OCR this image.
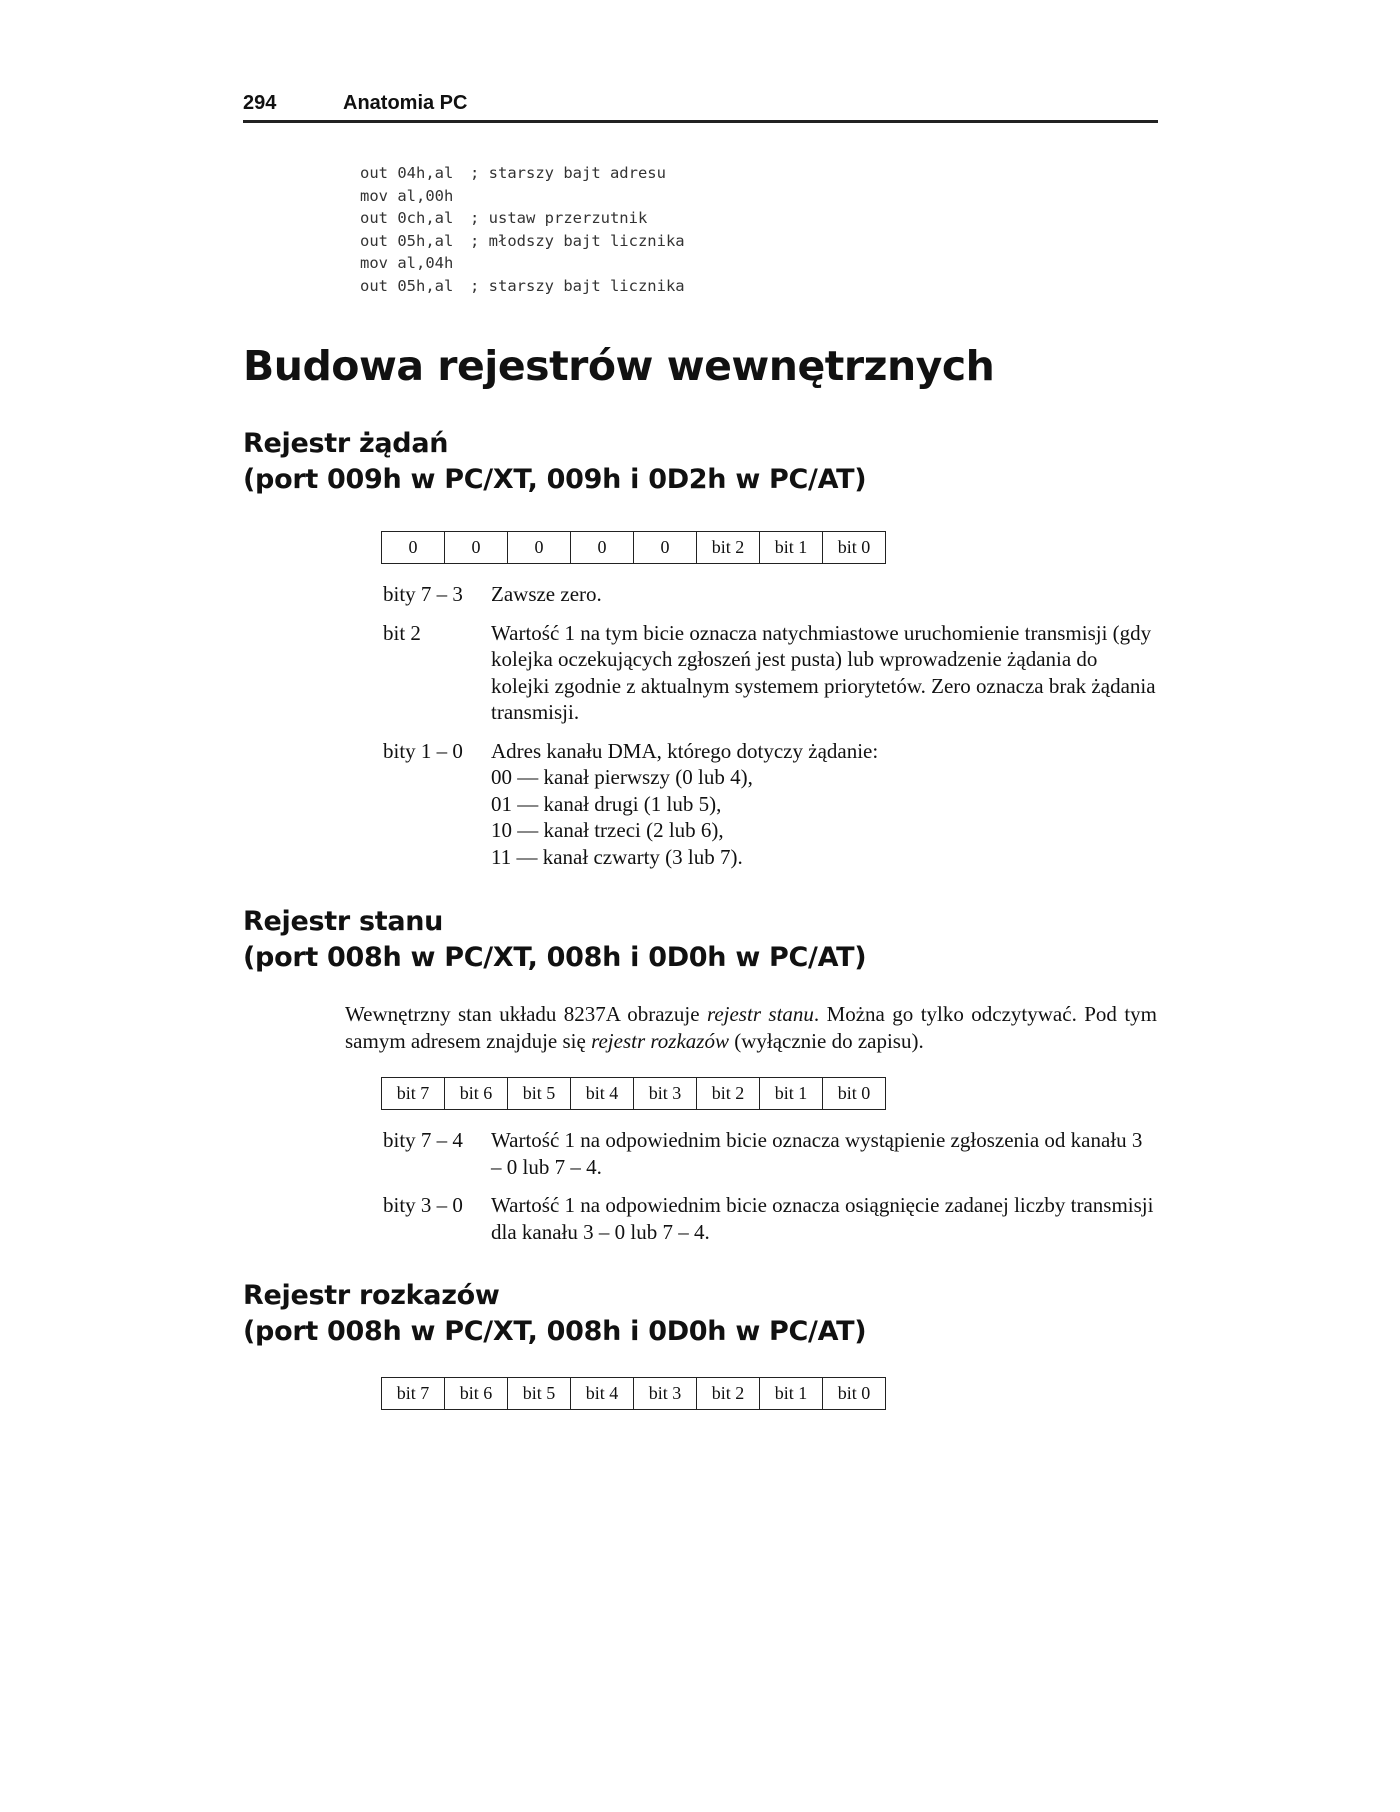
294	Anatomia PC
out 04h,al ; starszy bajt adresu
mov al,00h
out 0ch,al ; ustaw przerzutnik
out 05h,al ; młodszy bajt licznika
mov al,04h
out 05h,al ; starszy bajt licznika
Budowa rejestrów wewnętrznych
Rejestr żądań
(port 009h w PC/XT, 009h i 0D2h w PC/AT)
0	0	0	0	0	bit 2	bit 1	bit 0
bity 7 – 3	Zawsze zero.
bit 2	Wartość 1 na tym bicie oznacza natychmiastowe uruchomienie transmisji (gdy kolejka oczekujących zgłoszeń jest pusta) lub wprowadzenie żądania do kolejki zgodnie z aktualnym systemem priorytetów. Zero oznacza brak żądania transmisji.
bity 1 – 0	Adres kanału DMA, którego dotyczy żądanie:
00 — kanał pierwszy (0 lub 4),
01 — kanał drugi (1 lub 5),
10 — kanał trzeci (2 lub 6),
11 — kanał czwarty (3 lub 7).
Rejestr stanu
(port 008h w PC/XT, 008h i 0D0h w PC/AT)
Wewnętrzny stan układu 8237A obrazuje rejestr stanu. Można go tylko odczytywać. Pod tym samym adresem znajduje się rejestr rozkazów (wyłącznie do zapisu).
bit 7	bit 6	bit 5	bit 4	bit 3	bit 2	bit 1	bit 0
bity 7 – 4	Wartość 1 na odpowiednim bicie oznacza wystąpienie zgłoszenia od kanału 3 – 0 lub 7 – 4.
bity 3 – 0	Wartość 1 na odpowiednim bicie oznacza osiągnięcie zadanej liczby transmisji dla kanału 3 – 0 lub 7 – 4.
Rejestr rozkazów
(port 008h w PC/XT, 008h i 0D0h w PC/AT)
bit 7	bit 6	bit 5	bit 4	bit 3	bit 2	bit 1	bit 0
